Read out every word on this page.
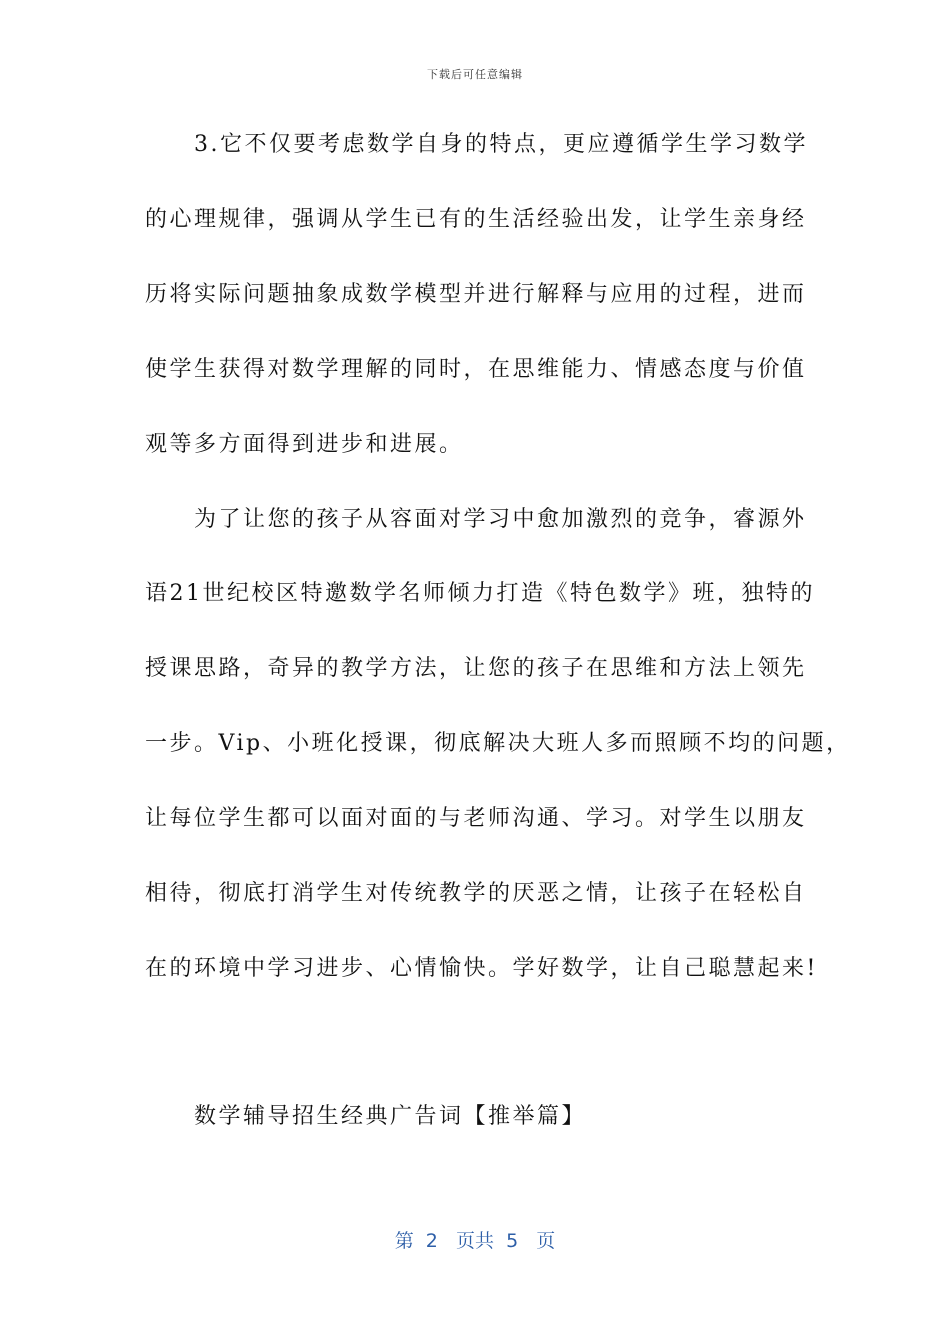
下载后可任意编辑
　　3.它不仅要考虑数学自身的特点，更应遵循学生学习数学
的心理规律，强调从学生已有的生活经验出发，让学生亲身经
历将实际问题抽象成数学模型并进行解释与应用的过程，进而
使学生获得对数学理解的同时，在思维能力、情感态度与价值
观等多方面得到进步和进展。
　　为了让您的孩子从容面对学习中愈加激烈的竞争，睿源外
语21世纪校区特邀数学名师倾力打造《特色数学》班，独特的
授课思路，奇异的教学方法，让您的孩子在思维和方法上领先
一步。Vip、小班化授课，彻底解决大班人多而照顾不均的问题，
让每位学生都可以面对面的与老师沟通、学习。对学生以朋友
相待，彻底打消学生对传统教学的厌恶之情，让孩子在轻松自
在的环境中学习进步、心情愉快。学好数学，让自己聪慧起来!
　　数学辅导招生经典广告词【推举篇】
第  2   页共  5   页
